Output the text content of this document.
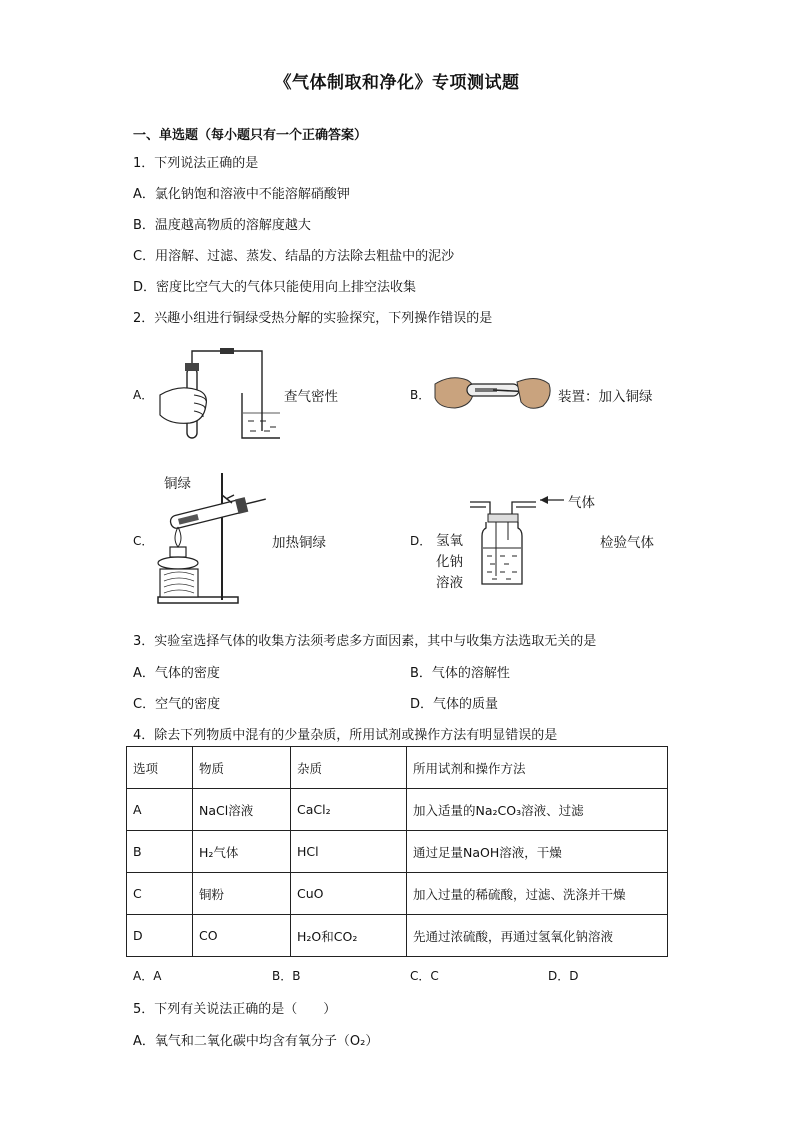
《气体制取和净化》专项测试题
一、单选题（每小题只有一个正确答案）
1．下列说法正确的是
A．氯化钠饱和溶液中不能溶解硝酸钾
B．温度越高物质的溶解度越大
C．用溶解、过滤、蒸发、结晶的方法除去粗盐中的泥沙
D．密度比空气大的气体只能使用向上排空法收集
2．兴趣小组进行铜绿受热分解的实验探究，下列操作错误的是
A．	查气密性	B．	装置：加入铜绿
铜绿
C．	加热铜绿	D．
气体
氢氧
化钠
溶液
检验气体
3．实验室选择气体的收集方法须考虑多方面因素，其中与收集方法选取无关的是
A．气体的密度	B．气体的溶解性
C．空气的密度	D．气体的质量
4．除去下列物质中混有的少量杂质，所用试剂或操作方法有明显错误的是
选项	物质	杂质	所用试剂和操作方法
A	NaCl溶液	CaCl₂	加入适量的Na₂CO₃溶液、过滤
B	H₂气体	HCl	通过足量NaOH溶液，干燥
C	铜粉	CuO	加入过量的稀硫酸，过滤、洗涤并干燥
D	CO	H₂O和CO₂	先通过浓硫酸，再通过氢氧化钠溶液
A．A	B．B	C．C	D．D
5．下列有关说法正确的是（　　）
A．氧气和二氧化碳中均含有氧分子（O₂）
